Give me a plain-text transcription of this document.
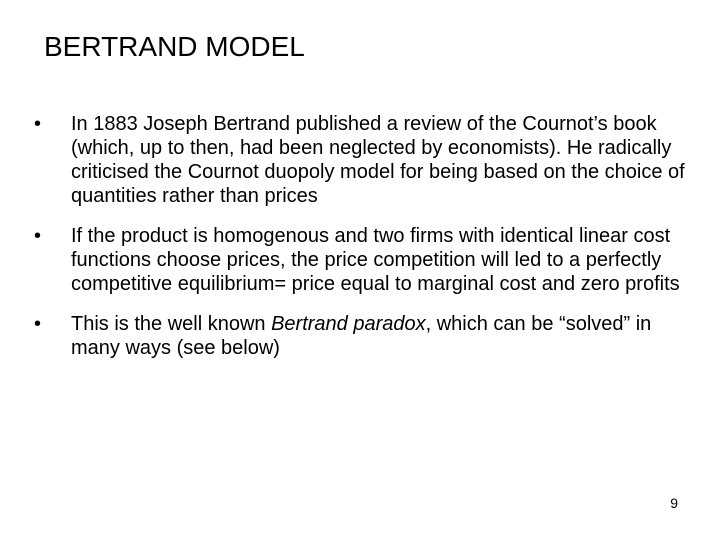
BERTRAND MODEL
•	In 1883 Joseph Bertrand published a review of the Cournot’s book (which, up to then, had been neglected by economists). He radically criticised the Cournot duopoly model for being based on the choice of quantities rather than prices
•	If the product is homogenous and two firms with identical linear cost functions choose prices, the price competition will led to a perfectly competitive equilibrium= price equal to marginal cost and zero profits
•	This is the well known Bertrand paradox, which can be “solved” in many ways (see below)
9
